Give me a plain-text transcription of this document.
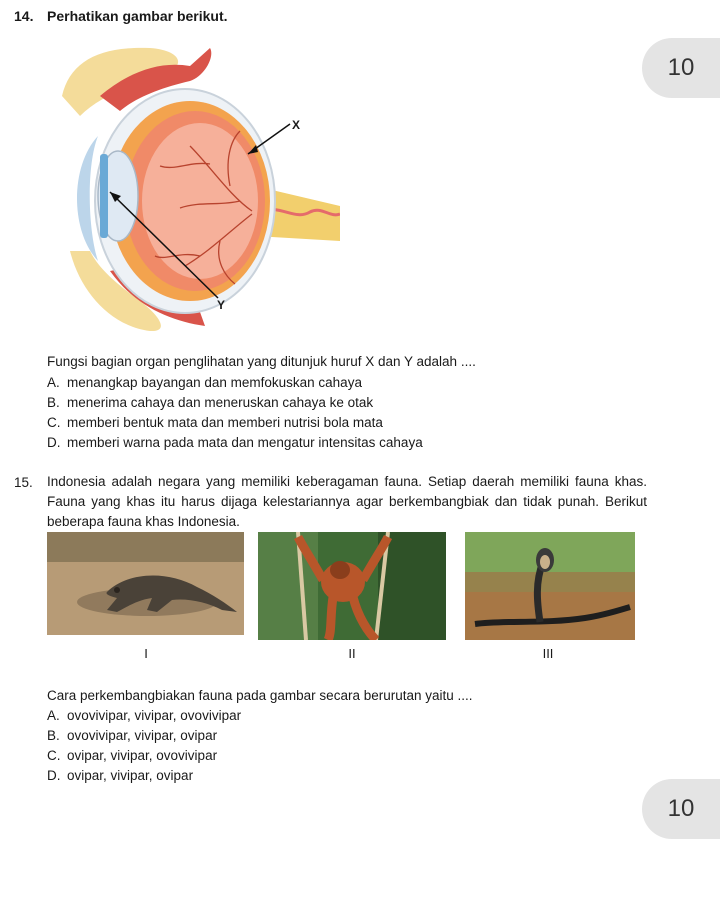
14. Perhatikan gambar berikut.
10
X
Y
Fungsi bagian organ penglihatan yang ditunjuk huruf X dan Y adalah ....
A. menangkap bayangan dan memfokuskan cahaya
B. menerima cahaya dan meneruskan cahaya ke otak
C. memberi bentuk mata dan memberi nutrisi bola mata
D. memberi warna pada mata dan mengatur intensitas cahaya
15. Indonesia adalah negara yang memiliki keberagaman fauna. Setiap daerah memiliki fauna khas. Fauna yang khas itu harus dijaga kelestariannya agar berkembangbiak dan tidak punah. Berikut beberapa fauna khas Indonesia.
I	II	III
Cara perkembangbiakan fauna pada gambar secara berurutan yaitu ....
A. ovovivipar, vivipar, ovovivipar
B. ovovivipar, vivipar, ovipar
C. ovipar, vivipar, ovovivipar
D. ovipar, vivipar, ovipar
10
